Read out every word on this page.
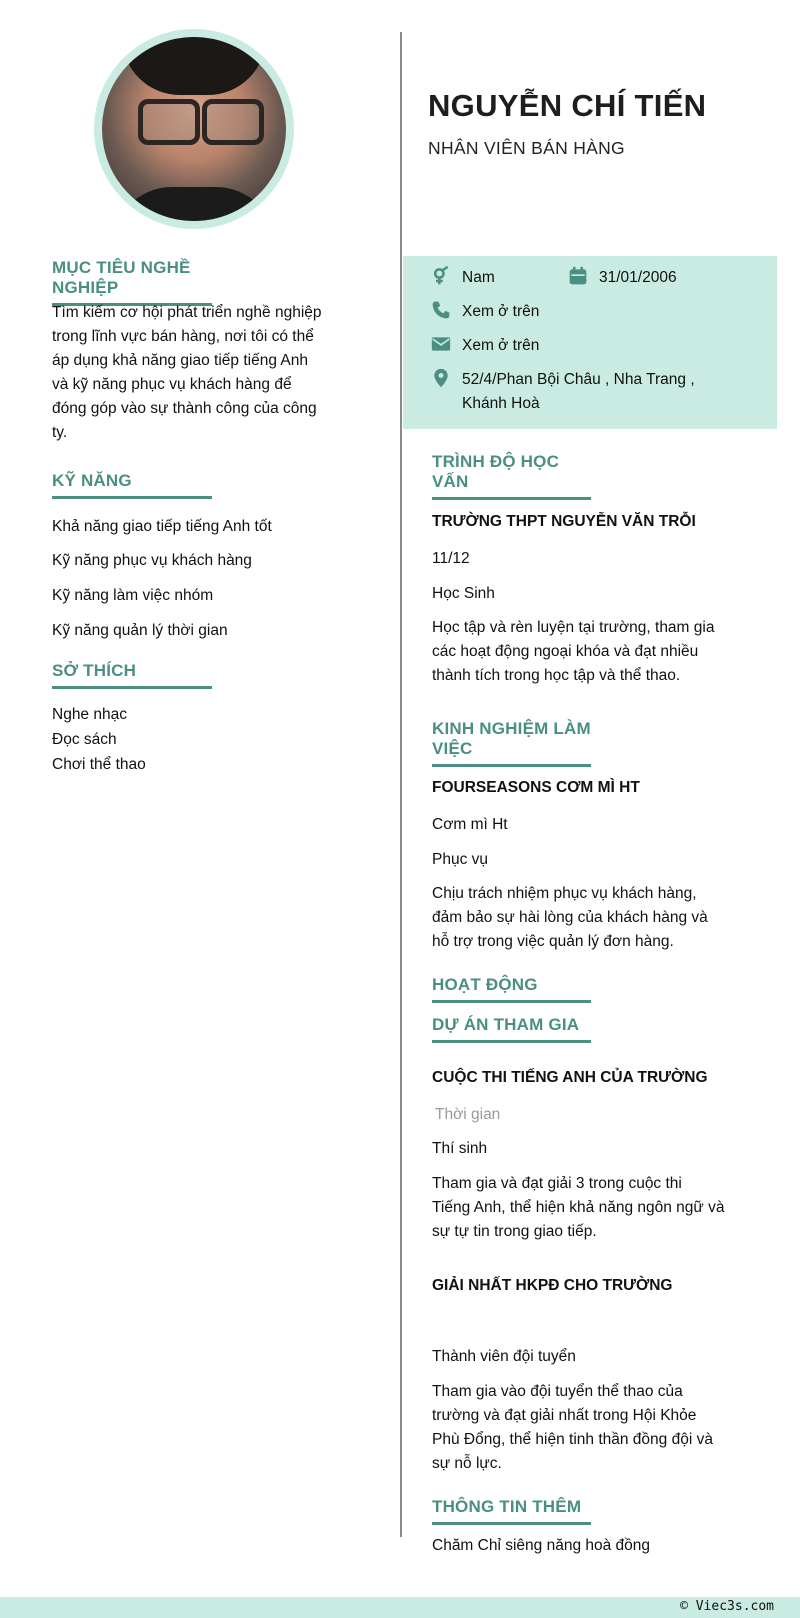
MỤC TIÊU NGHỀ NGHIỆP
Tìm kiếm cơ hội phát triển nghề nghiệp
trong lĩnh vực bán hàng, nơi tôi có thể
áp dụng khả năng giao tiếp tiếng Anh
và kỹ năng phục vụ khách hàng để
đóng góp vào sự thành công của công
ty.
KỸ NĂNG
Khả năng giao tiếp tiếng Anh tốt
Kỹ năng phục vụ khách hàng
Kỹ năng làm việc nhóm
Kỹ năng quản lý thời gian
SỞ THÍCH
Nghe nhạc
Đọc sách
Chơi thể thao
NGUYỄN CHÍ TIẾN
NHÂN VIÊN BÁN HÀNG
Nam	31/01/2006
Xem ở trên
Xem ở trên
52/4/Phan Bội Châu , Nha Trang ,
Khánh Hoà
TRÌNH ĐỘ HỌC VẤN
TRƯỜNG THPT NGUYỄN VĂN TRỖI
11/12
Học Sinh
Học tập và rèn luyện tại trường, tham gia
các hoạt động ngoại khóa và đạt nhiều
thành tích trong học tập và thể thao.
KINH NGHIỆM LÀM VIỆC
FOURSEASONS CƠM MÌ HT
Cơm mì Ht
Phục vụ
Chịu trách nhiệm phục vụ khách hàng,
đảm bảo sự hài lòng của khách hàng và
hỗ trợ trong việc quản lý đơn hàng.
HOẠT ĐỘNG
DỰ ÁN THAM GIA
CUỘC THI TIẾNG ANH CỦA TRƯỜNG
Thời gian
Thí sinh
Tham gia và đạt giải 3 trong cuộc thi
Tiếng Anh, thể hiện khả năng ngôn ngữ và
sự tự tin trong giao tiếp.
GIẢI NHẤT HKPĐ CHO TRƯỜNG
Thành viên đội tuyển
Tham gia vào đội tuyển thể thao của
trường và đạt giải nhất trong Hội Khỏe
Phù Đổng, thể hiện tinh thần đồng đội và
sự nỗ lực.
THÔNG TIN THÊM
Chăm Chỉ siêng năng hoà đồng
© Viec3s.com
